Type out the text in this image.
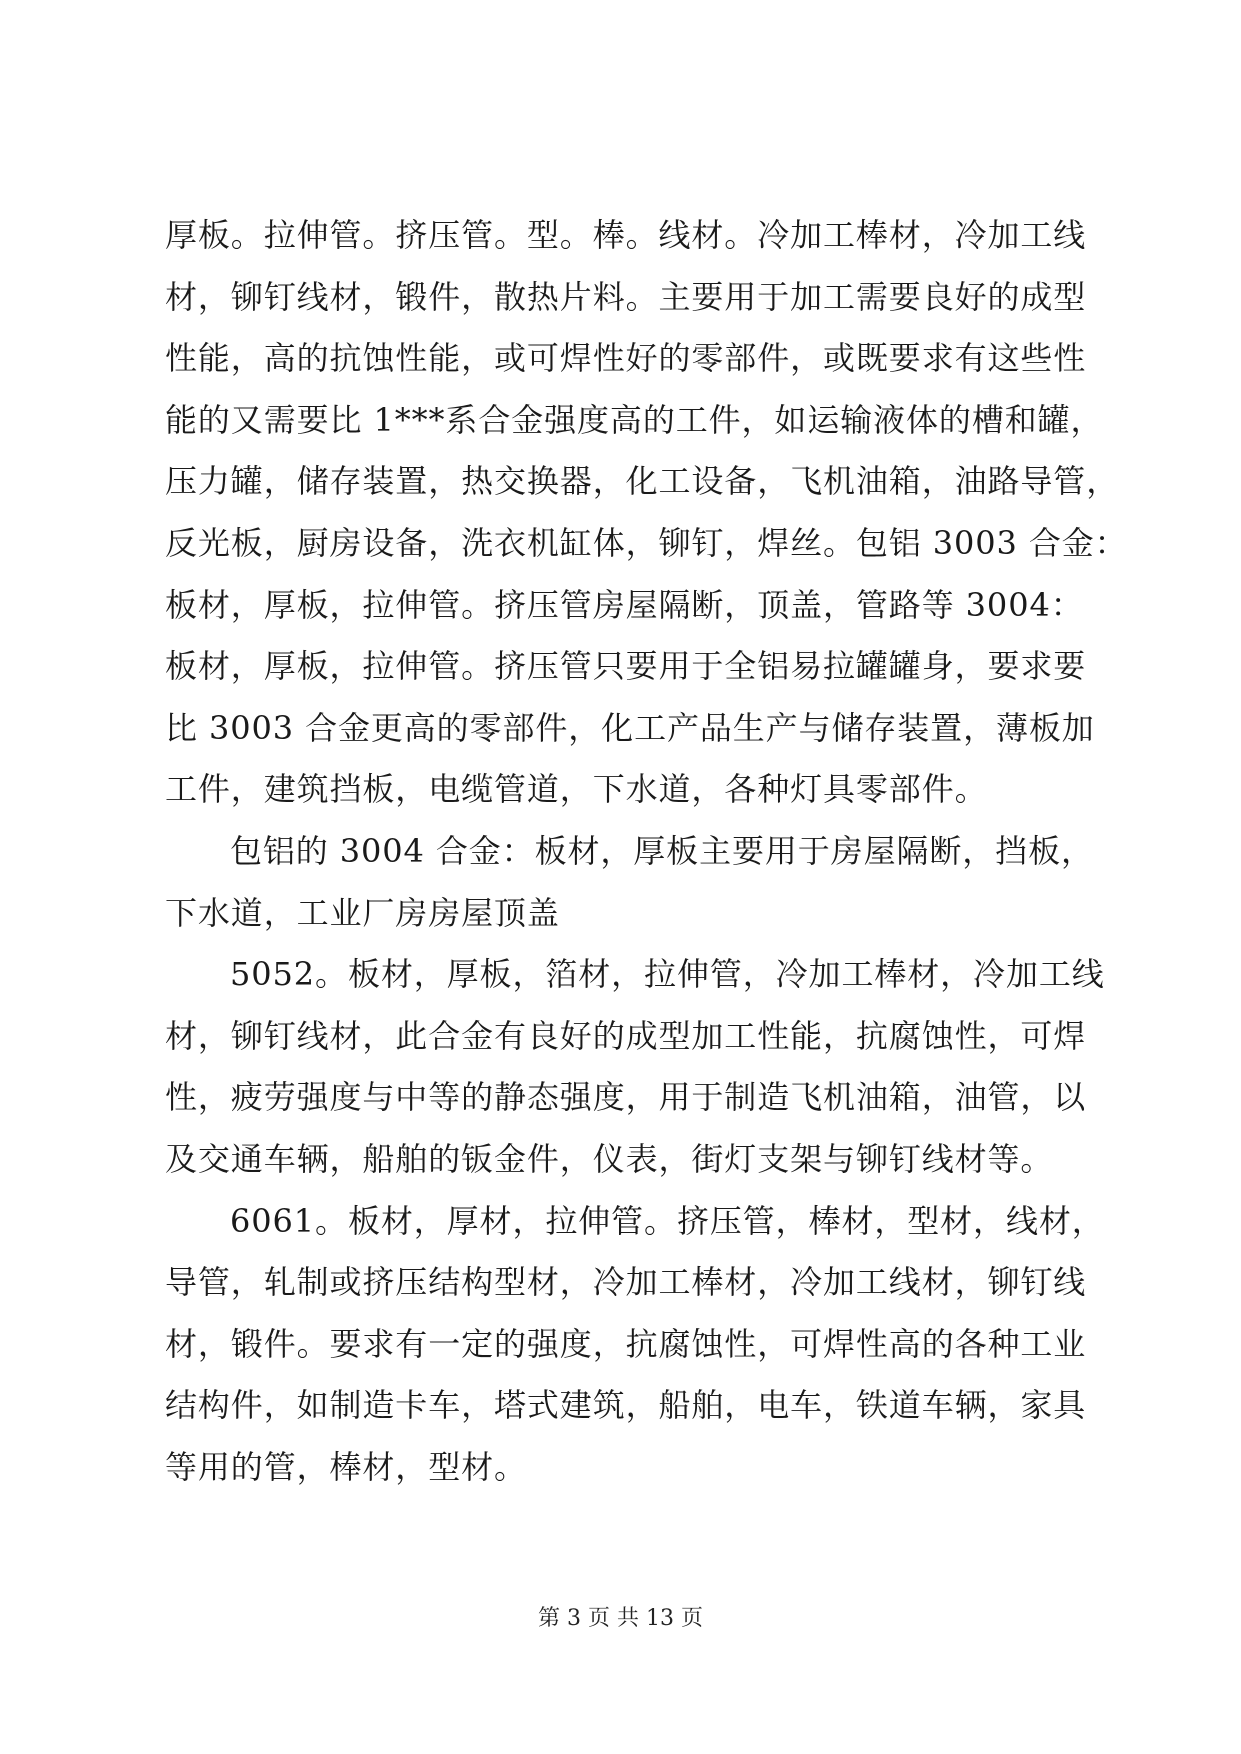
厚板。拉伸管。挤压管。型。棒。线材。冷加工棒材，冷加工线
材，铆钉线材，锻件，散热片料。主要用于加工需要良好的成型
性能，高的抗蚀性能，或可焊性好的零部件，或既要求有这些性
能的又需要比 1***系合金强度高的工件，如运输液体的槽和罐，
压力罐，储存装置，热交换器，化工设备，飞机油箱，油路导管，
反光板，厨房设备，洗衣机缸体，铆钉，焊丝。包铝 3003 合金：
板材，厚板，拉伸管。挤压管房屋隔断，顶盖，管路等 3004：
板材，厚板，拉伸管。挤压管只要用于全铝易拉罐罐身，要求要
比 3003 合金更高的零部件，化工产品生产与储存装置，薄板加
工件，建筑挡板，电缆管道，下水道，各种灯具零部件。
包铝的 3004 合金：板材，厚板主要用于房屋隔断，挡板，
下水道，工业厂房房屋顶盖
5052。板材，厚板，箔材，拉伸管，冷加工棒材，冷加工线
材，铆钉线材，此合金有良好的成型加工性能，抗腐蚀性，可焊
性，疲劳强度与中等的静态强度，用于制造飞机油箱，油管，以
及交通车辆，船舶的钣金件，仪表，街灯支架与铆钉线材等。
6061。板材，厚材，拉伸管。挤压管，棒材，型材，线材，
导管，轧制或挤压结构型材，冷加工棒材，冷加工线材，铆钉线
材，锻件。要求有一定的强度，抗腐蚀性，可焊性高的各种工业
结构件，如制造卡车，塔式建筑，船舶，电车，铁道车辆，家具
等用的管，棒材，型材。
第 3 页 共 13 页
